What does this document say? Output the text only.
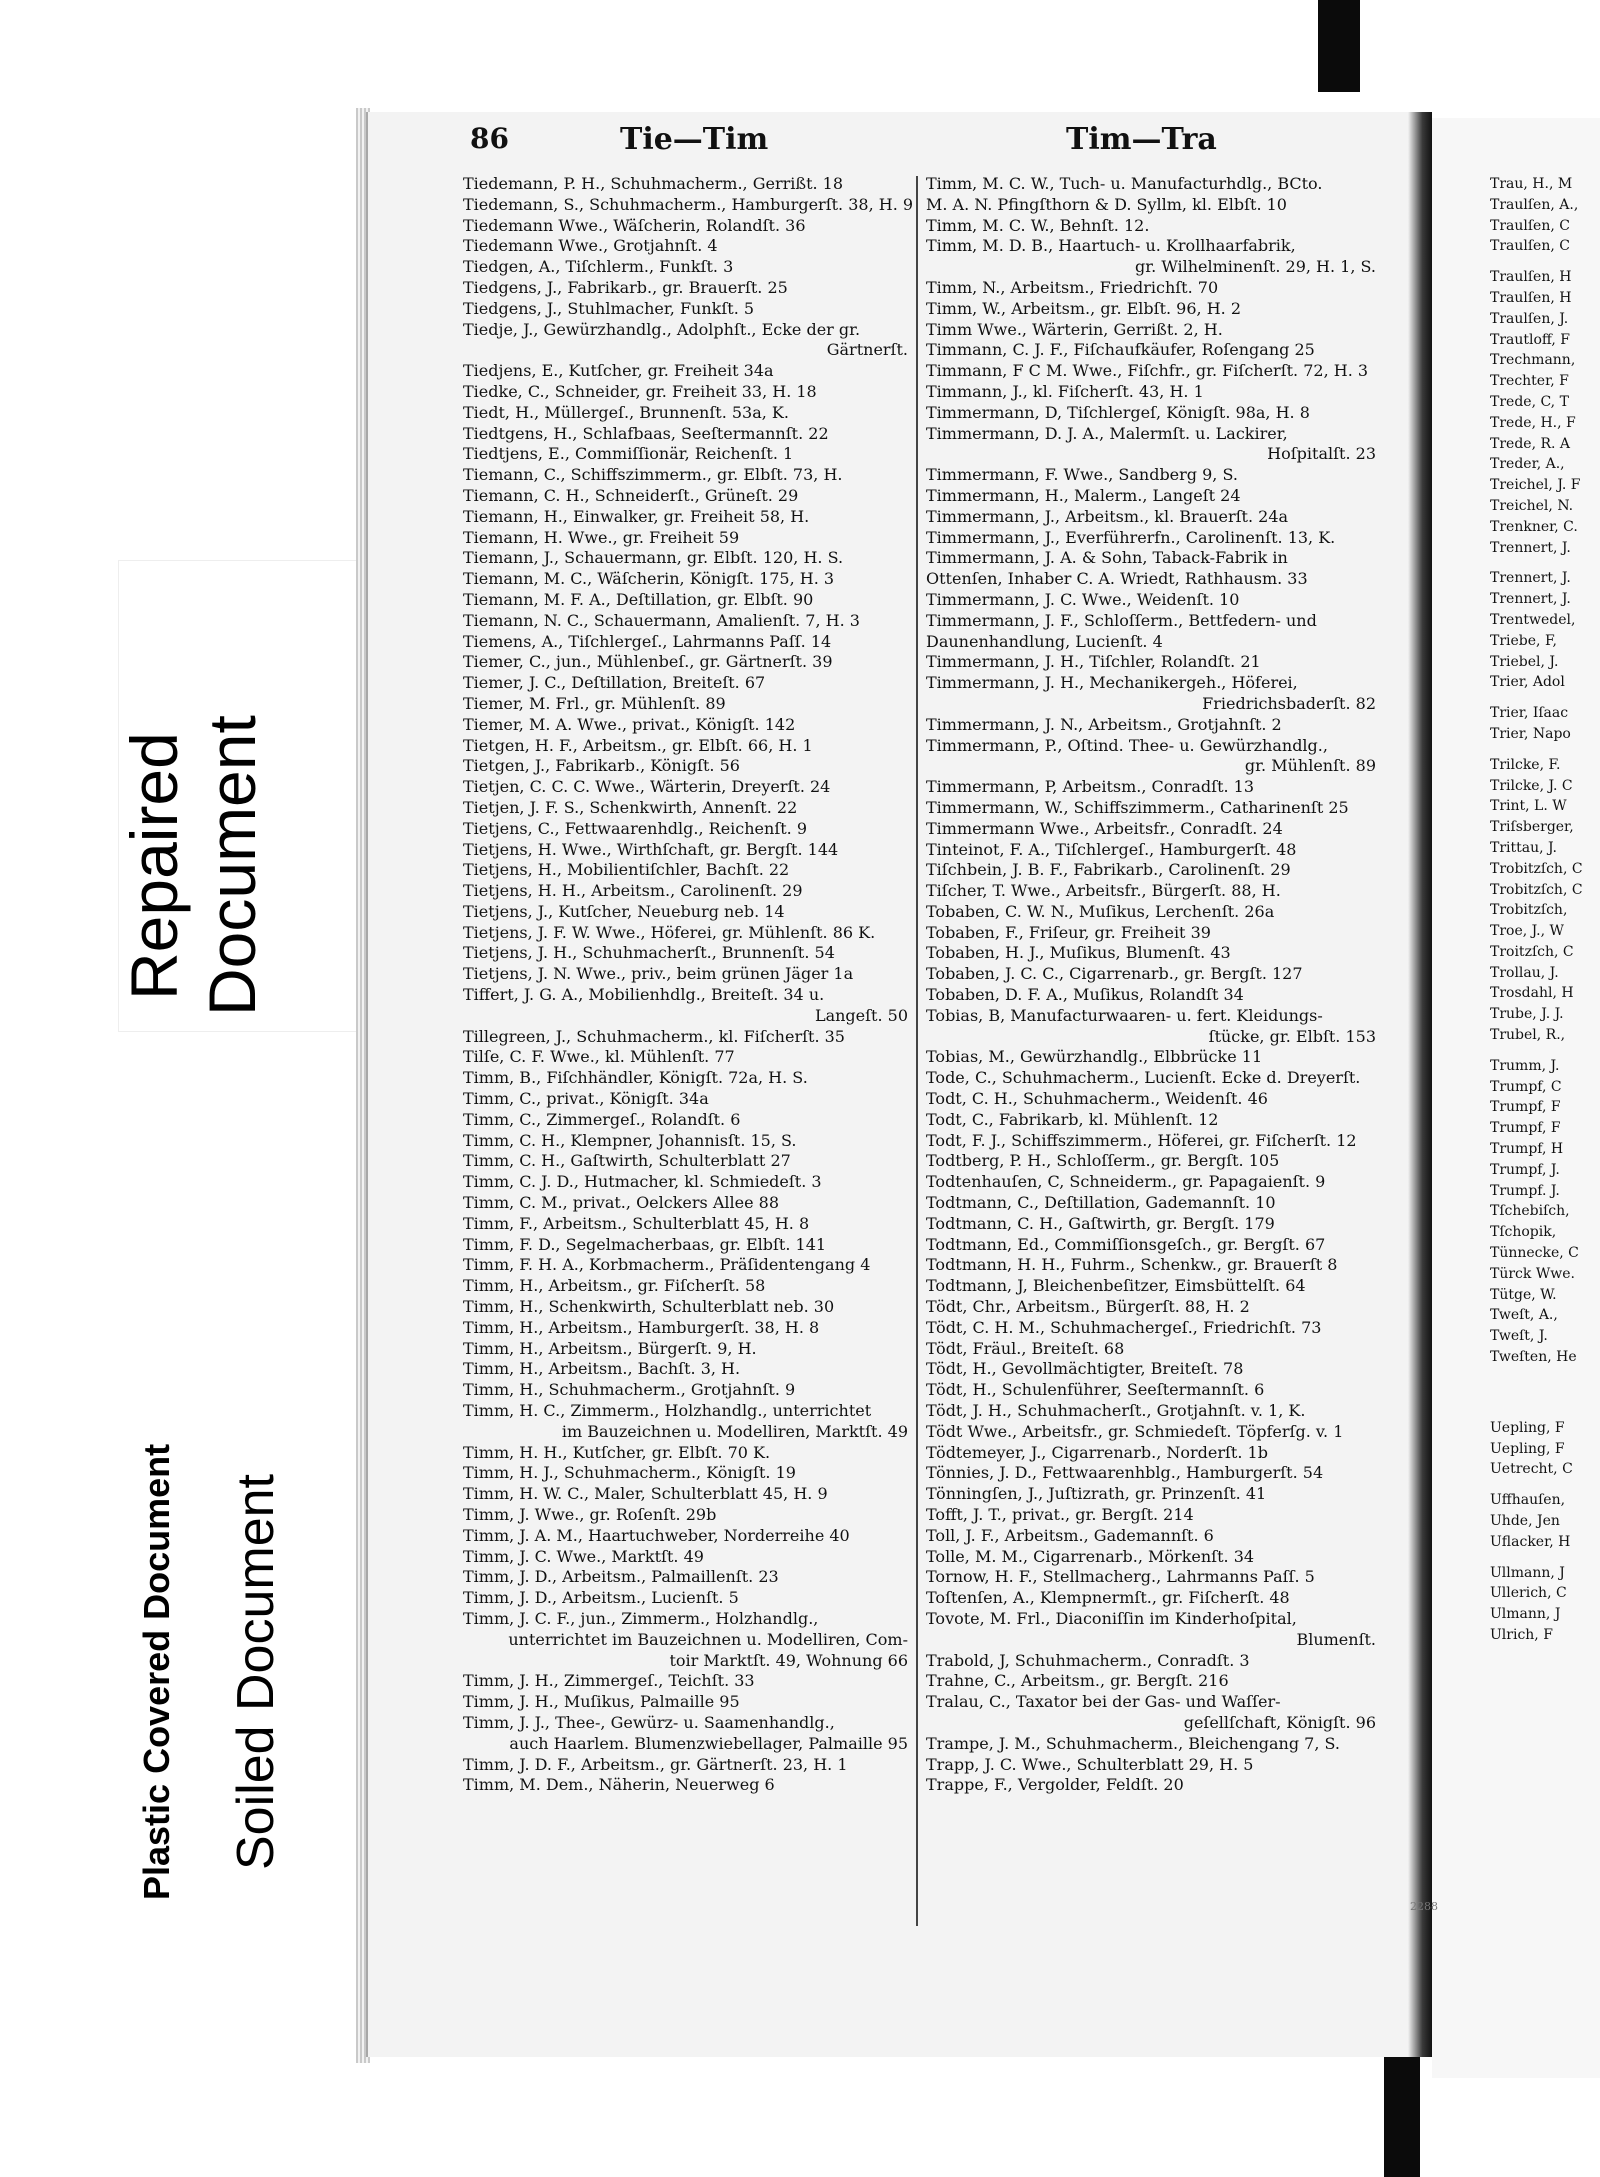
Repaired Document
Plastic Covered Document Soiled Document
86	Tie—Tim	Tim—Tra
Tiedemann, P. H., Schuhmacherm., Gerrißt. 18
Tiedemann, S., Schuhmacherm., Hamburgerſt. 38, H. 9
Tiedemann Wwe., Wäſcherin, Rolandſt. 36
Tiedemann Wwe., Grotjahnſt. 4
Tiedgen, A., Tiſchlerm., Funkſt. 3
Tiedgens, J., Fabrikarb., gr. Brauerſt. 25
Tiedgens, J., Stuhlmacher, Funkſt. 5
Tiedje, J., Gewürzhandlg., Adolphſt., Ecke der gr.
Gärtnerſt.
Tiedjens, E., Kutſcher, gr. Freiheit 34a
Tiedke, C., Schneider, gr. Freiheit 33, H. 18
Tiedt, H., Müllergeſ., Brunnenſt. 53a, K.
Tiedtgens, H., Schlafbaas, Seeſtermannſt. 22
Tiedtjens, E., Commiſſionär, Reichenſt. 1
Tiemann, C., Schiffszimmerm., gr. Elbſt. 73, H.
Tiemann, C. H., Schneiderſt., Grüneſt. 29
Tiemann, H., Einwalker, gr. Freiheit 58, H.
Tiemann, H. Wwe., gr. Freiheit 59
Tiemann, J., Schauermann, gr. Elbſt. 120, H. S.
Tiemann, M. C., Wäſcherin, Königſt. 175, H. 3
Tiemann, M. F. A., Deſtillation, gr. Elbſt. 90
Tiemann, N. C., Schauermann, Amalienſt. 7, H. 3
Tiemens, A., Tiſchlergeſ., Lahrmanns Paſſ. 14
Tiemer, C., jun., Mühlenbeſ., gr. Gärtnerſt. 39
Tiemer, J. C., Deſtillation, Breiteſt. 67
Tiemer, M. Frl., gr. Mühlenſt. 89
Tiemer, M. A. Wwe., privat., Königſt. 142
Tietgen, H. F., Arbeitsm., gr. Elbſt. 66, H. 1
Tietgen, J., Fabrikarb., Königſt. 56
Tietjen, C. C. C. Wwe., Wärterin, Dreyerſt. 24
Tietjen, J. F. S., Schenkwirth, Annenſt. 22
Tietjens, C., Fettwaarenhdlg., Reichenſt. 9
Tietjens, H. Wwe., Wirthſchaft, gr. Bergſt. 144
Tietjens, H., Mobilientiſchler, Bachſt. 22
Tietjens, H. H., Arbeitsm., Carolinenſt. 29
Tietjens, J., Kutſcher, Neueburg neb. 14
Tietjens, J. F. W. Wwe., Höferei, gr. Mühlenſt. 86 K.
Tietjens, J. H., Schuhmacherſt., Brunnenſt. 54
Tietjens, J. N. Wwe., priv., beim grünen Jäger 1a
Tiffert, J. G. A., Mobilienhdlg., Breiteſt. 34 u.
Langeſt. 50
Tillegreen, J., Schuhmacherm., kl. Fiſcherſt. 35
Tilſe, C. F. Wwe., kl. Mühlenſt. 77
Timm, B., Fiſchhändler, Königſt. 72a, H. S.
Timm, C., privat., Königſt. 34a
Timm, C., Zimmergeſ., Rolandſt. 6
Timm, C. H., Klempner, Johannisſt. 15, S.
Timm, C. H., Gaſtwirth, Schulterblatt 27
Timm, C. J. D., Hutmacher, kl. Schmiedeſt. 3
Timm, C. M., privat., Oelckers Allee 88
Timm, F., Arbeitsm., Schulterblatt 45, H. 8
Timm, F. D., Segelmacherbaas, gr. Elbſt. 141
Timm, F. H. A., Korbmacherm., Präſidentengang 4
Timm, H., Arbeitsm., gr. Fiſcherſt. 58
Timm, H., Schenkwirth, Schulterblatt neb. 30
Timm, H., Arbeitsm., Hamburgerſt. 38, H. 8
Timm, H., Arbeitsm., Bürgerſt. 9, H.
Timm, H., Arbeitsm., Bachſt. 3, H.
Timm, H., Schuhmacherm., Grotjahnſt. 9
Timm, H. C., Zimmerm., Holzhandlg., unterrichtet
im Bauzeichnen u. Modelliren, Marktſt. 49
Timm, H. H., Kutſcher, gr. Elbſt. 70 K.
Timm, H. J., Schuhmacherm., Königſt. 19
Timm, H. W. C., Maler, Schulterblatt 45, H. 9
Timm, J. Wwe., gr. Roſenſt. 29b
Timm, J. A. M., Haartuchweber, Norderreihe 40
Timm, J. C. Wwe., Marktſt. 49
Timm, J. D., Arbeitsm., Palmaillenſt. 23
Timm, J. D., Arbeitsm., Lucienſt. 5
Timm, J. C. F., jun., Zimmerm., Holzhandlg.,
unterrichtet im Bauzeichnen u. Modelliren, Com-
toir Marktſt. 49, Wohnung 66
Timm, J. H., Zimmergeſ., Teichſt. 33
Timm, J. H., Muſikus, Palmaille 95
Timm, J. J., Thee-, Gewürz- u. Saamenhandlg.,
auch Haarlem. Blumenzwiebellager, Palmaille 95
Timm, J. D. F., Arbeitsm., gr. Gärtnerſt. 23, H. 1
Timm, M. Dem., Näherin, Neuerweg 6
Timm, M. C. W., Tuch- u. Manufacturhdlg., BCto.
M. A. N. Pfingſthorn & D. Syllm, kl. Elbſt. 10
Timm, M. C. W., Behnſt. 12.
Timm, M. D. B., Haartuch- u. Krollhaarfabrik,
gr. Wilhelminenſt. 29, H. 1, S.
Timm, N., Arbeitsm., Friedrichſt. 70
Timm, W., Arbeitsm., gr. Elbſt. 96, H. 2
Timm Wwe., Wärterin, Gerrißt. 2, H.
Timmann, C. J. F., Fiſchaufkäufer, Roſengang 25
Timmann, F C M. Wwe., Fiſchfr., gr. Fiſcherſt. 72, H. 3
Timmann, J., kl. Fiſcherſt. 43, H. 1
Timmermann, D, Tiſchlergeſ, Königſt. 98a, H. 8
Timmermann, D. J. A., Malermſt. u. Lackirer,
Hoſpitalſt. 23
Timmermann, F. Wwe., Sandberg 9, S.
Timmermann, H., Malerm., Langeſt 24
Timmermann, J., Arbeitsm., kl. Brauerſt. 24a
Timmermann, J., Everführerfn., Carolinenſt. 13, K.
Timmermann, J. A. & Sohn, Taback-Fabrik in
Ottenſen, Inhaber C. A. Wriedt, Rathhausm. 33
Timmermann, J. C. Wwe., Weidenſt. 10
Timmermann, J. F., Schloſſerm., Bettfedern- und
Daunenhandlung, Lucienſt. 4
Timmermann, J. H., Tiſchler, Rolandſt. 21
Timmermann, J. H., Mechanikergeh., Höferei,
Friedrichsbaderſt. 82
Timmermann, J. N., Arbeitsm., Grotjahnſt. 2
Timmermann, P., Oſtind. Thee- u. Gewürzhandlg.,
gr. Mühlenſt. 89
Timmermann, P, Arbeitsm., Conradſt. 13
Timmermann, W., Schiffszimmerm., Catharinenſt 25
Timmermann Wwe., Arbeitsfr., Conradſt. 24
Tinteinot, F. A., Tiſchlergeſ., Hamburgerſt. 48
Tiſchbein, J. B. F., Fabrikarb., Carolinenſt. 29
Tiſcher, T. Wwe., Arbeitsfr., Bürgerſt. 88, H.
Tobaben, C. W. N., Muſikus, Lerchenſt. 26a
Tobaben, F., Friſeur, gr. Freiheit 39
Tobaben, H. J., Muſikus, Blumenſt. 43
Tobaben, J. C. C., Cigarrenarb., gr. Bergſt. 127
Tobaben, D. F. A., Muſikus, Rolandſt 34
Tobias, B, Manufacturwaaren- u. fert. Kleidungs-
ſtücke, gr. Elbſt. 153
Tobias, M., Gewürzhandlg., Elbbrücke 11
Tode, C., Schuhmacherm., Lucienſt. Ecke d. Dreyerſt.
Todt, C. H., Schuhmacherm., Weidenſt. 46
Todt, C., Fabrikarb, kl. Mühlenſt. 12
Todt, F. J., Schiffszimmerm., Höferei, gr. Fiſcherſt. 12
Todtberg, P. H., Schloſſerm., gr. Bergſt. 105
Todtenhauſen, C, Schneiderm., gr. Papagaienſt. 9
Todtmann, C., Deſtillation, Gademannſt. 10
Todtmann, C. H., Gaſtwirth, gr. Bergſt. 179
Todtmann, Ed., Commiſſionsgeſch., gr. Bergſt. 67
Todtmann, H. H., Fuhrm., Schenkw., gr. Brauerſt 8
Todtmann, J, Bleichenbeſitzer, Eimsbüttelſt. 64
Tödt, Chr., Arbeitsm., Bürgerſt. 88, H. 2
Tödt, C. H. M., Schuhmachergeſ., Friedrichſt. 73
Tödt, Fräul., Breiteſt. 68
Tödt, H., Gevollmächtigter, Breiteſt. 78
Tödt, H., Schulenführer, Seeſtermannſt. 6
Tödt, J. H., Schuhmacherſt., Grotjahnſt. v. 1, K.
Tödt Wwe., Arbeitsfr., gr. Schmiedeſt. Töpferſg. v. 1
Tödtemeyer, J., Cigarrenarb., Norderſt. 1b
Tönnies, J. D., Fettwaarenhblg., Hamburgerſt. 54
Tönningſen, J., Juſtizrath, gr. Prinzenſt. 41
Tofft, J. T., privat., gr. Bergſt. 214
Toll, J. F., Arbeitsm., Gademannſt. 6
Tolle, M. M., Cigarrenarb., Mörkenſt. 34
Tornow, H. F., Stellmacherg., Lahrmanns Paſſ. 5
Toſtenſen, A., Klempnermſt., gr. Fiſcherſt. 48
Tovote, M. Frl., Diaconiſſin im Kinderhoſpital,
Blumenſt.
Trabold, J, Schuhmacherm., Conradſt. 3
Trahne, C., Arbeitsm., gr. Bergſt. 216
Tralau, C., Taxator bei der Gas- und Waſſer-
geſellſchaft, Königſt. 96
Trampe, J. M., Schuhmacherm., Bleichengang 7, S.
Trapp, J. C. Wwe., Schulterblatt 29, H. 5
Trappe, F., Vergolder, Feldſt. 20
Trau, H., M
Traulſen, A.,
Traulſen, C
Traulſen, C
Traulſen, H
Traulſen, H
Traulſen, J.
Trautloff, F
Trechmann,
Trechter, F
Trede, C, T
Trede, H., F
Trede, R. A
Treder, A.,
Treichel, J. F
Treichel, N.
Trenkner, C.
Trennert, J.
Trennert, J.
Trennert, J.
Trentwedel,
Triebe, F,
Triebel, J.
Trier, Adol
Trier, Iſaac
Trier, Napo
Trilcke, F.
Trilcke, J. C
Trint, L. W
Triſsberger,
Trittau, J.
Trobitzſch, C
Trobitzſch, C
Trobitzſch,
Troe, J., W
Troitzſch, C
Trollau, J.
Trosdahl, H
Trube, J. J.
Trubel, R.,
Trumm, J.
Trumpf, C
Trumpf, F
Trumpf, F
Trumpf, H
Trumpf, J.
Trumpf. J.
Tſchebiſch,
Tſchopik,
Tünnecke, C
Türck Wwe.
Tütge, W.
Tweſt, A.,
Tweſt, J.
Tweſten, He
Uepling, F
Uepling, F
Uetrecht, C
Uffhauſen,
Uhde, Jen
Uflacker, H
Ullmann, J
Ullerich, C
Ulmann, J
Ulrich, F
2288
